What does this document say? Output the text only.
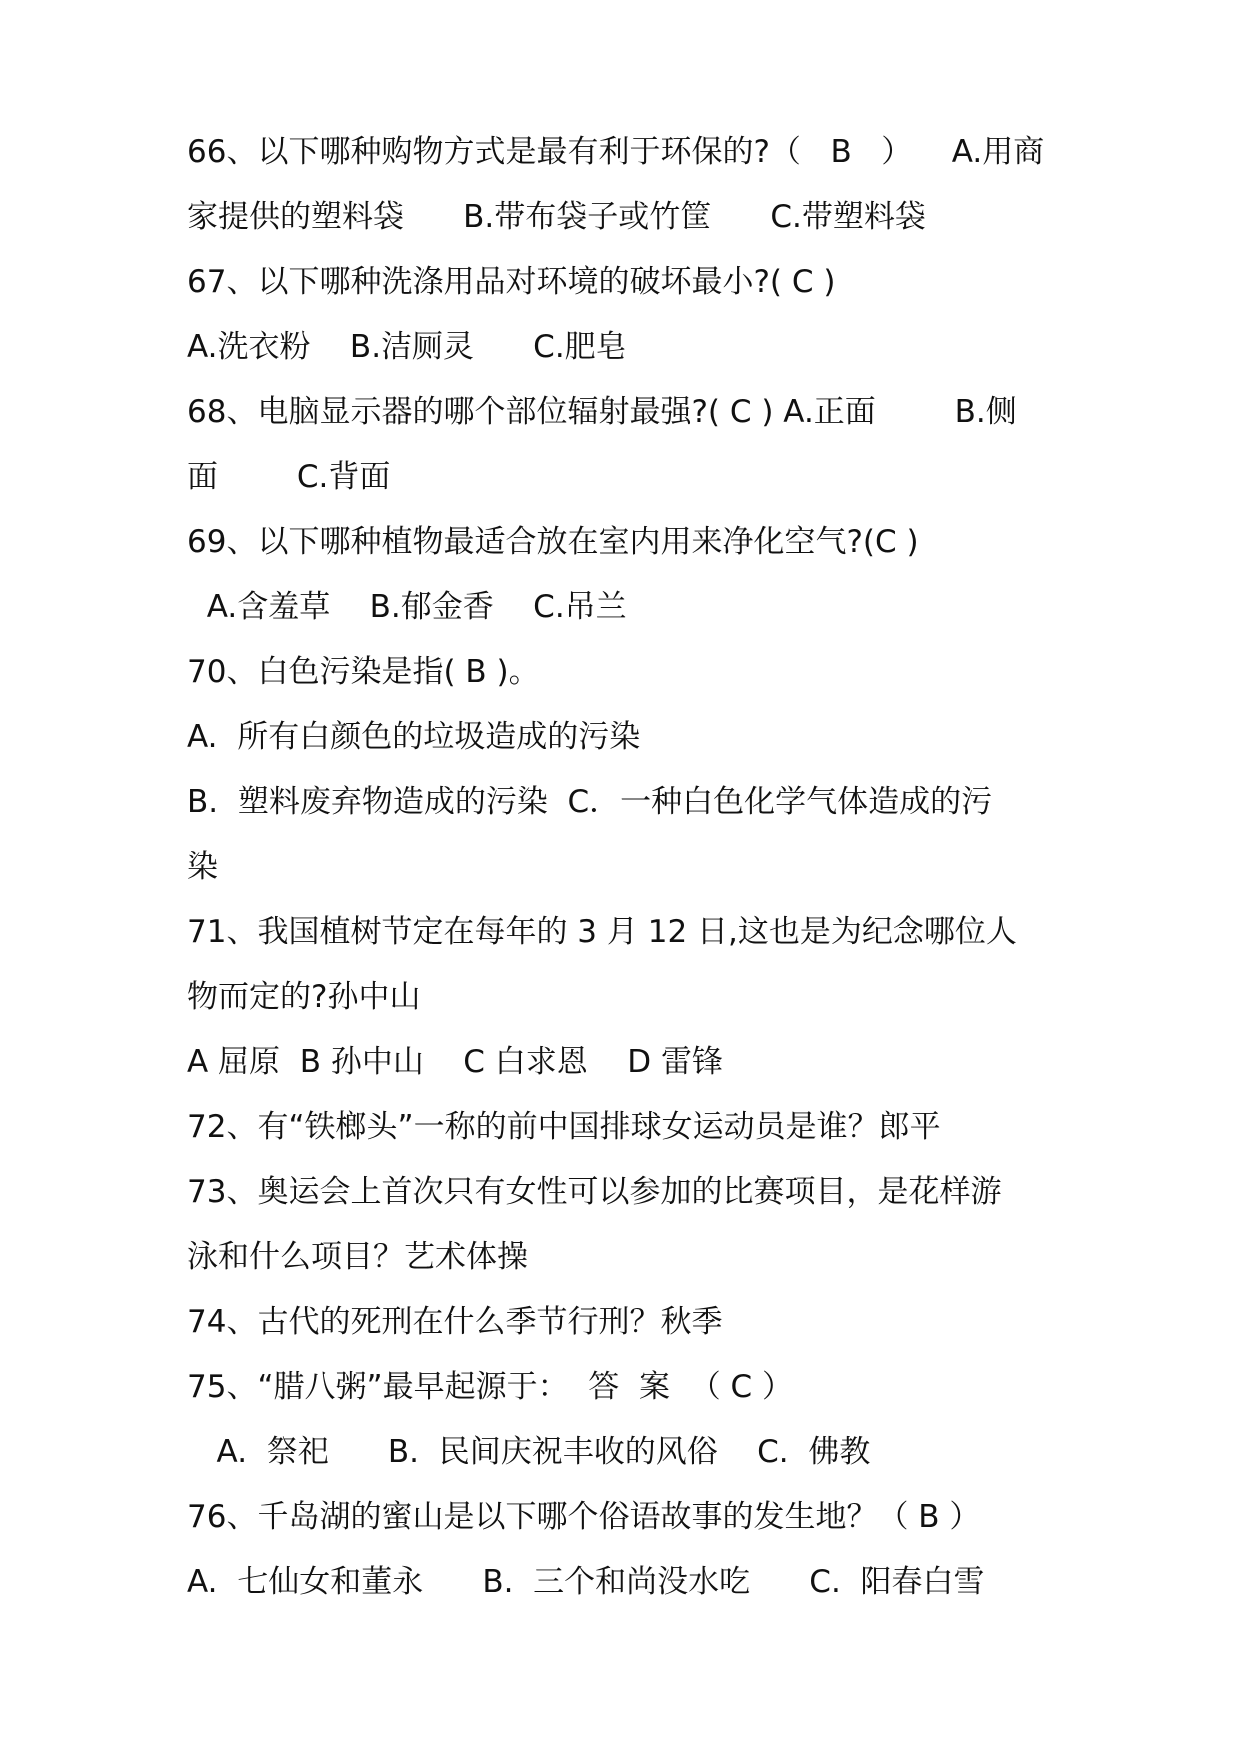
66、以下哪种购物方式是最有利于环保的?（   B   ）    A.用商
家提供的塑料袋      B.带布袋子或竹筐      C.带塑料袋
67、以下哪种洗涤用品对环境的破坏最小?( C )
A.洗衣粉    B.洁厕灵      C.肥皂
68、电脑显示器的哪个部位辐射最强?( C ) A.正面        B.侧
面        C.背面
69、以下哪种植物最适合放在室内用来净化空气?(C )
A.含羞草    B.郁金香    C.吊兰
70、白色污染是指( B )。
A.  所有白颜色的垃圾造成的污染
B.  塑料废弃物造成的污染  C．一种白色化学气体造成的污
染
71、我国植树节定在每年的 3 月 12 日,这也是为纪念哪位人
物而定的?孙中山
A 屈原  B 孙中山    C 白求恩    D 雷锋
72、有“铁榔头”一称的前中国排球女运动员是谁？郎平
73、奥运会上首次只有女性可以参加的比赛项目，是花样游
泳和什么项目？艺术体操
74、古代的死刑在什么季节行刑？秋季
75、“腊八粥”最早起源于：  答  案  （ C ）
A.  祭祀      B.  民间庆祝丰收的风俗    C.  佛教
76、千岛湖的蜜山是以下哪个俗语故事的发生地？（ B ）
A.  七仙女和董永      B.  三个和尚没水吃      C.  阳春白雪
